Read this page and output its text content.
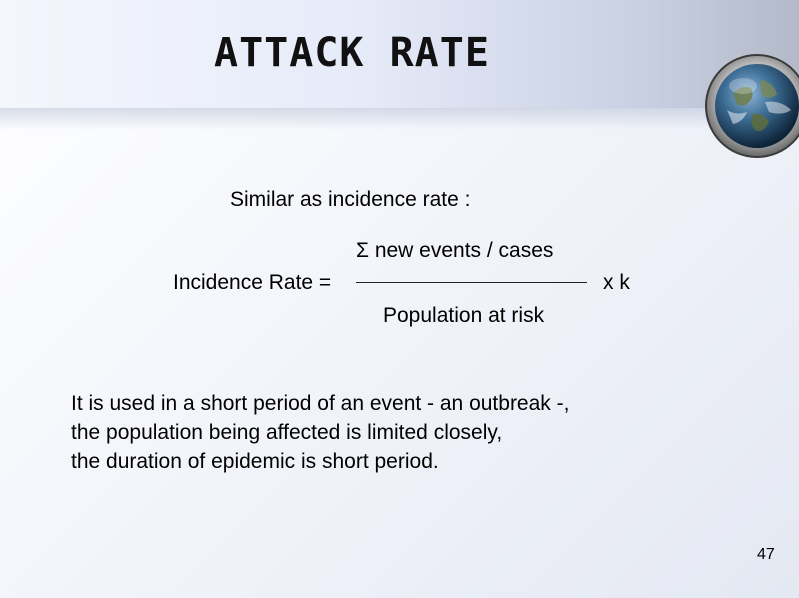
ATTACK RATE
Similar as incidence rate :
Σ new events / cases
Incidence Rate =	x k
Population at risk
It is used in a short period of an event - an outbreak -,
the population being affected is limited closely,
the duration of epidemic is short period.
47
